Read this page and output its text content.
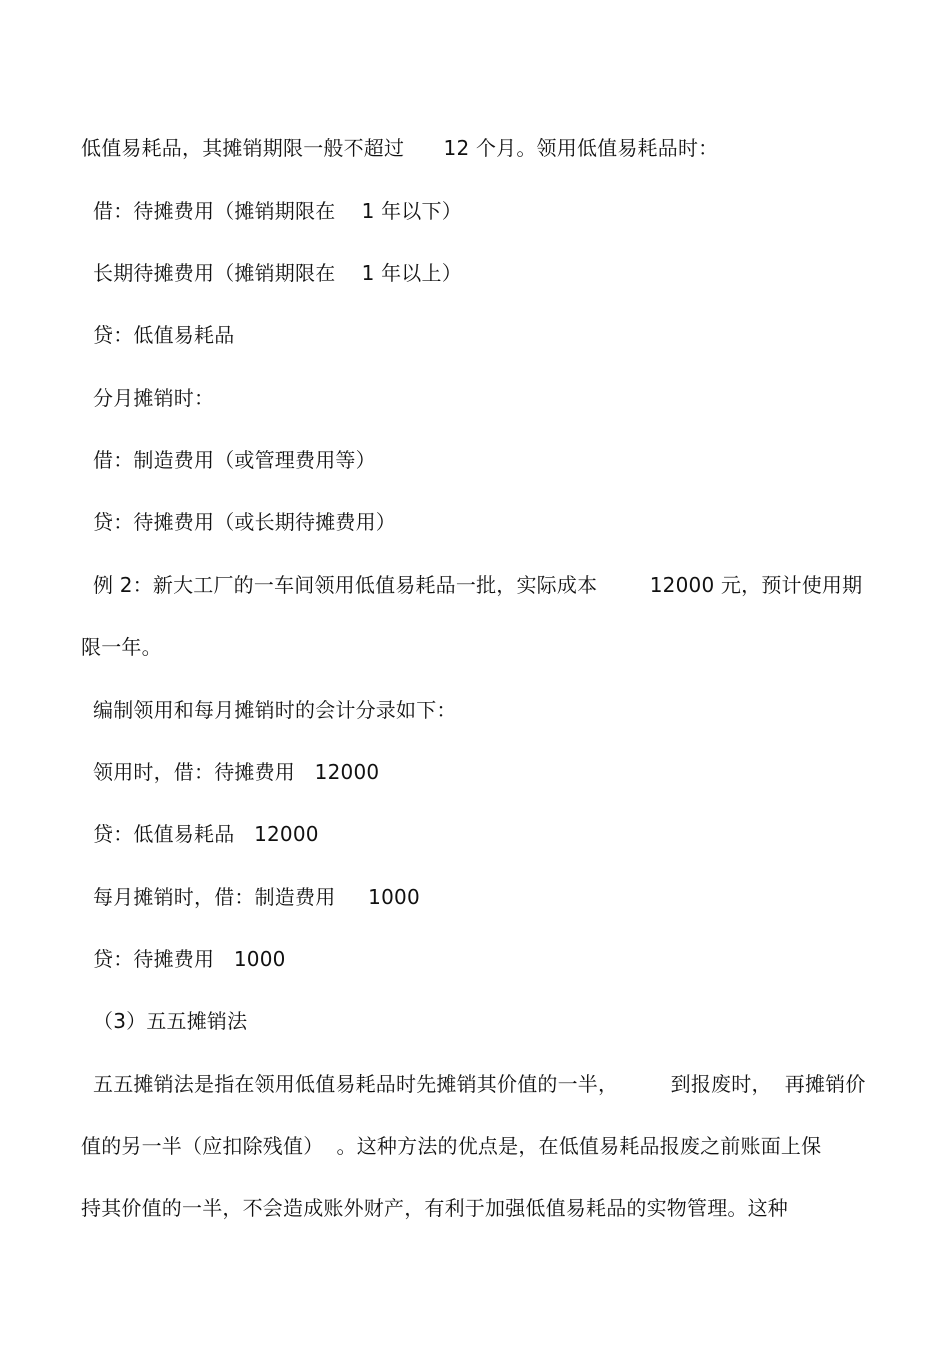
低值易耗品，其摊销期限一般不超过      12 个月。领用低值易耗品时：
借：待摊费用（摊销期限在    1 年以下）
长期待摊费用（摊销期限在    1 年以上）
贷：低值易耗品
分月摊销时：
借：制造费用（或管理费用等）
贷：待摊费用（或长期待摊费用）
例 2：新大工厂的一车间领用低值易耗品一批，实际成本        12000 元，预计使用期
限一年。
编制领用和每月摊销时的会计分录如下：
领用时，借：待摊费用   12000
贷：低值易耗品   12000
每月摊销时，借：制造费用     1000
贷：待摊费用   1000
（3）五五摊销法
五五摊销法是指在领用低值易耗品时先摊销其价值的一半，        到报废时，  再摊销价
值的另一半（应扣除残值）  。这种方法的优点是，在低值易耗品报废之前账面上保
持其价值的一半，不会造成账外财产，有利于加强低值易耗品的实物管理。这种
